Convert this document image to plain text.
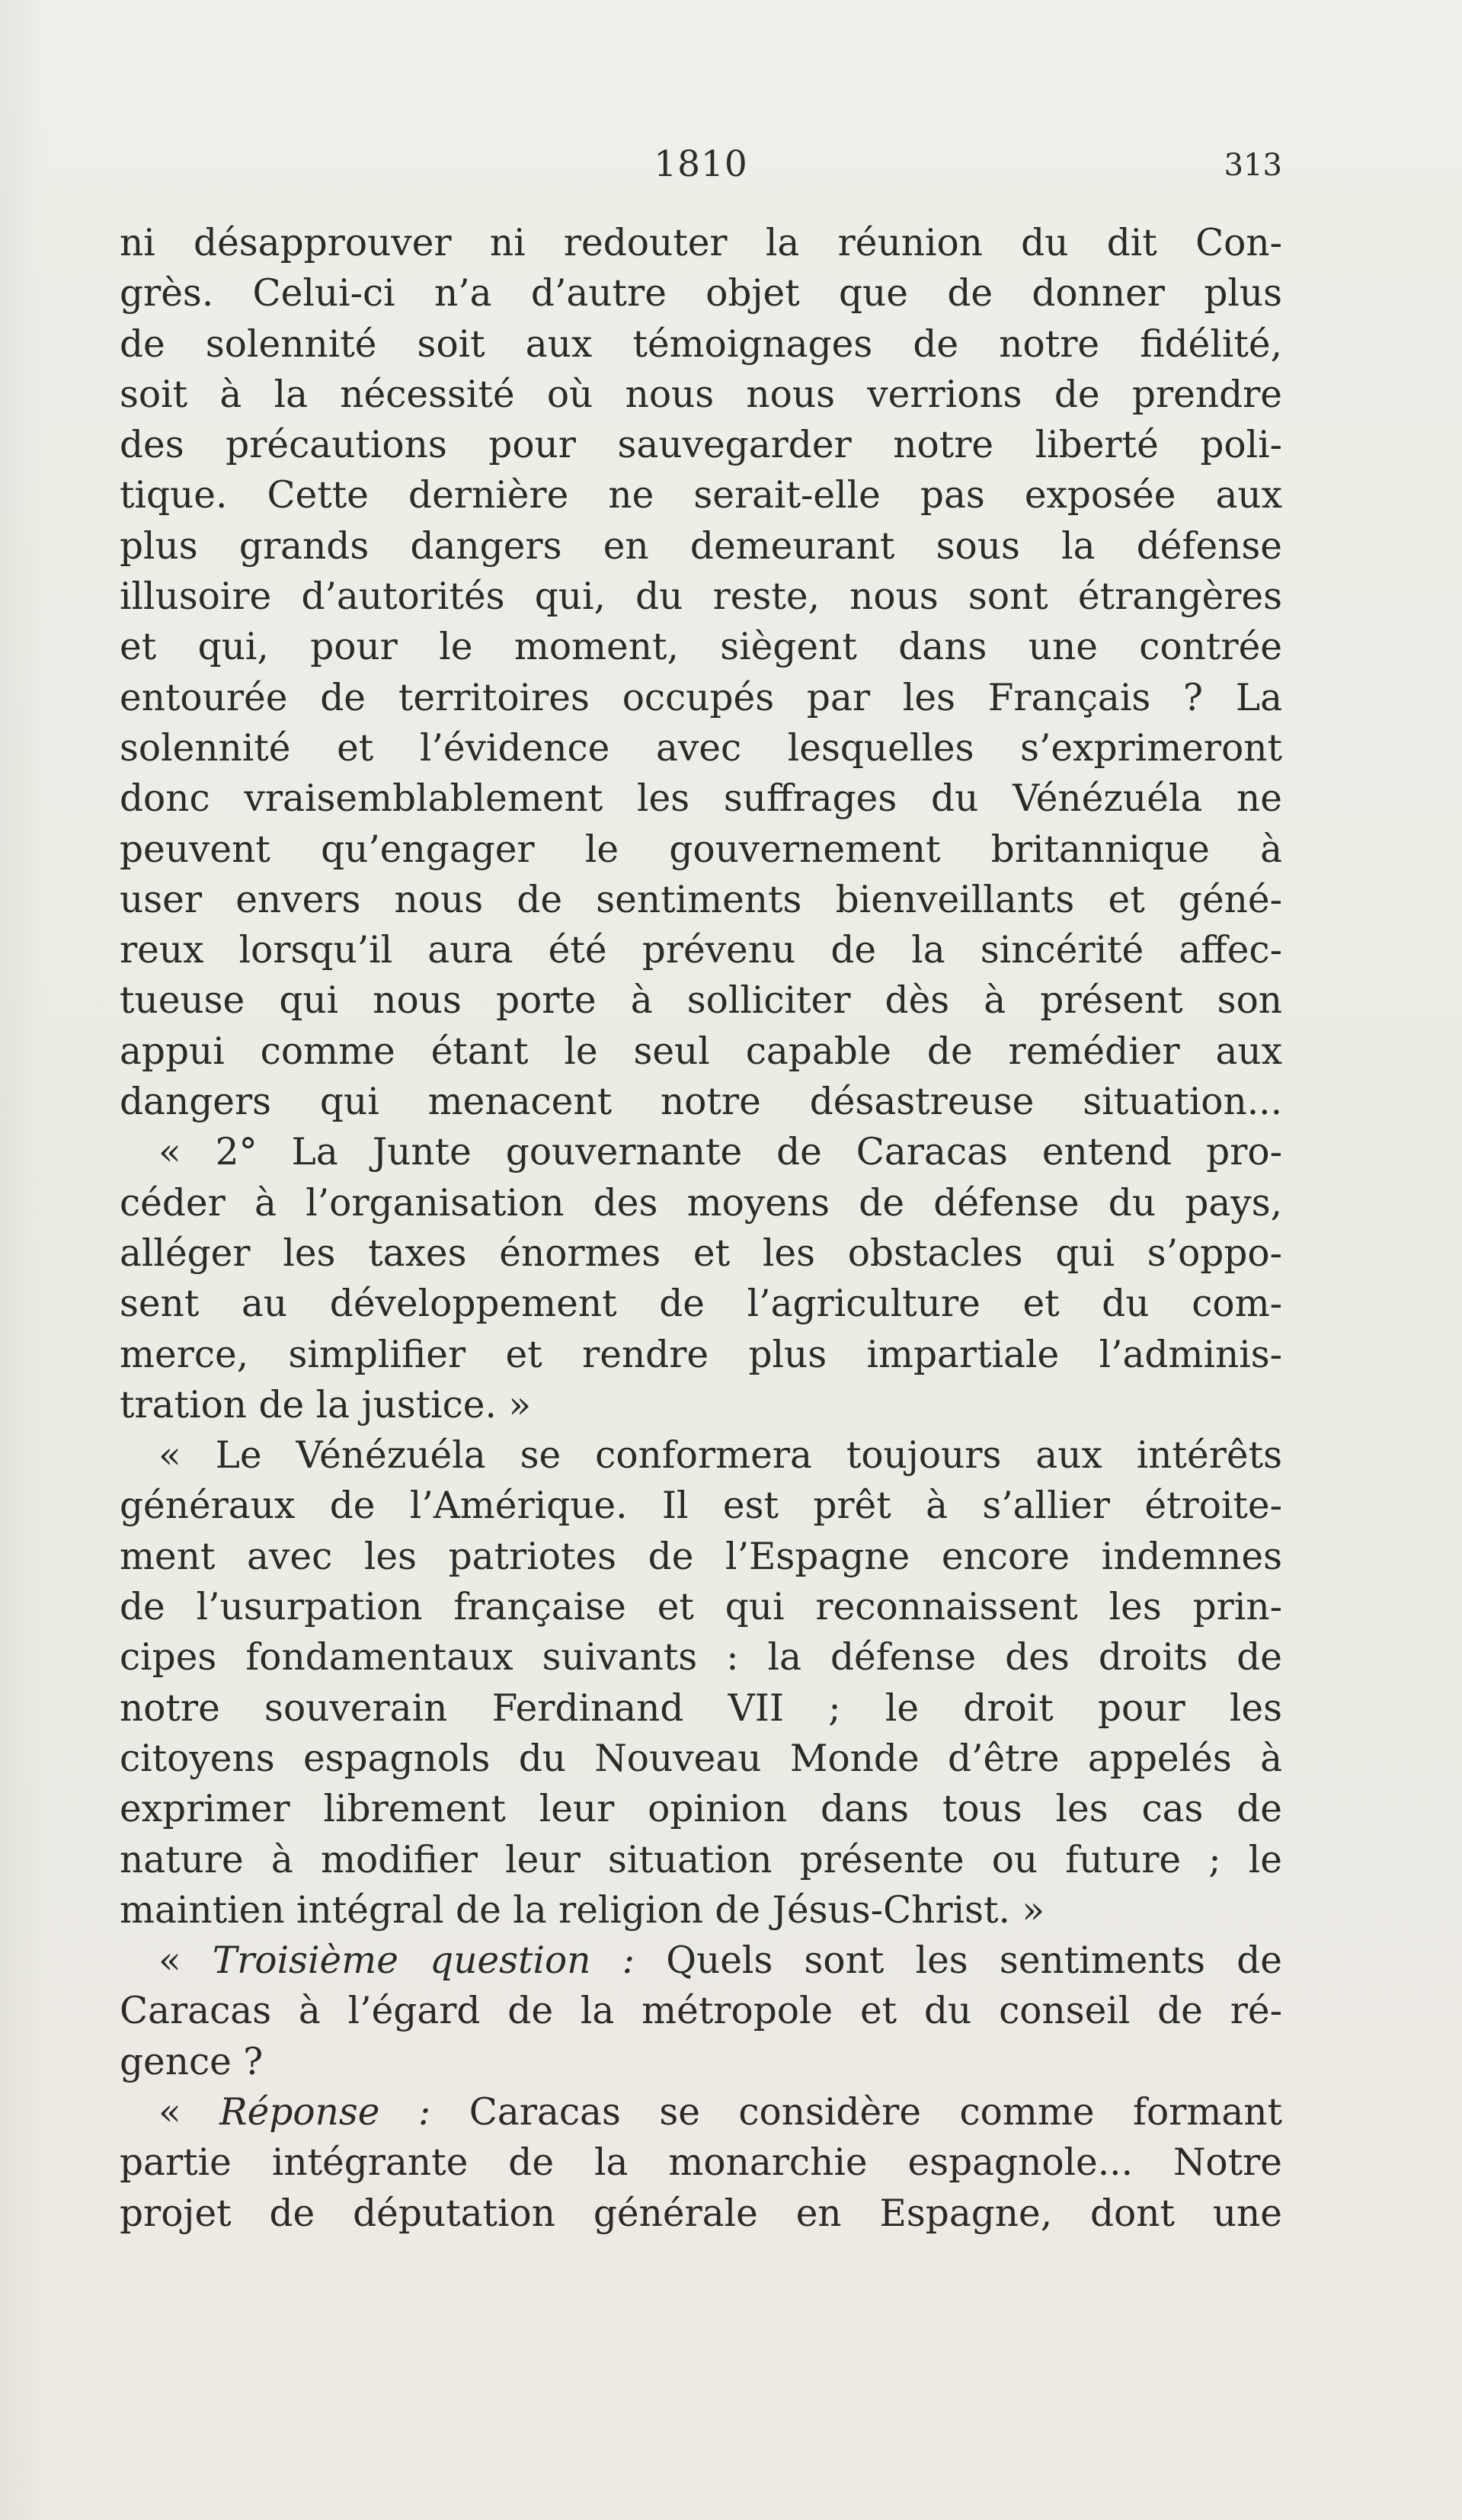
1810	313
ni désapprouver ni redouter la réunion du dit Con-
grès. Celui-ci n’a d’autre objet que de donner plus
de solennité soit aux témoignages de notre fidélité,
soit à la nécessité où nous nous verrions de prendre
des précautions pour sauvegarder notre liberté poli-
tique. Cette dernière ne serait-elle pas exposée aux
plus grands dangers en demeurant sous la défense
illusoire d’autorités qui, du reste, nous sont étrangères
et qui, pour le moment, siègent dans une contrée
entourée de territoires occupés par les Français ? La
solennité et l’évidence avec lesquelles s’exprimeront
donc vraisemblablement les suffrages du Vénézuéla ne
peuvent qu’engager le gouvernement britannique à
user envers nous de sentiments bienveillants et géné-
reux lorsqu’il aura été prévenu de la sincérité affec-
tueuse qui nous porte à solliciter dès à présent son
appui comme étant le seul capable de remédier aux
dangers qui menacent notre désastreuse situation...
« 2° La Junte gouvernante de Caracas entend pro-
céder à l’organisation des moyens de défense du pays,
alléger les taxes énormes et les obstacles qui s’oppo-
sent au développement de l’agriculture et du com-
merce, simplifier et rendre plus impartiale l’adminis-
tration de la justice. »
« Le Vénézuéla se conformera toujours aux intérêts
généraux de l’Amérique. Il est prêt à s’allier étroite-
ment avec les patriotes de l’Espagne encore indemnes
de l’usurpation française et qui reconnaissent les prin-
cipes fondamentaux suivants : la défense des droits de
notre souverain Ferdinand VII ; le droit pour les
citoyens espagnols du Nouveau Monde d’être appelés à
exprimer librement leur opinion dans tous les cas de
nature à modifier leur situation présente ou future ; le
maintien intégral de la religion de Jésus-Christ. »
« Troisième question : Quels sont les sentiments de
Caracas à l’égard de la métropole et du conseil de ré-
gence ?
« Réponse : Caracas se considère comme formant
partie intégrante de la monarchie espagnole... Notre
projet de députation générale en Espagne, dont une
